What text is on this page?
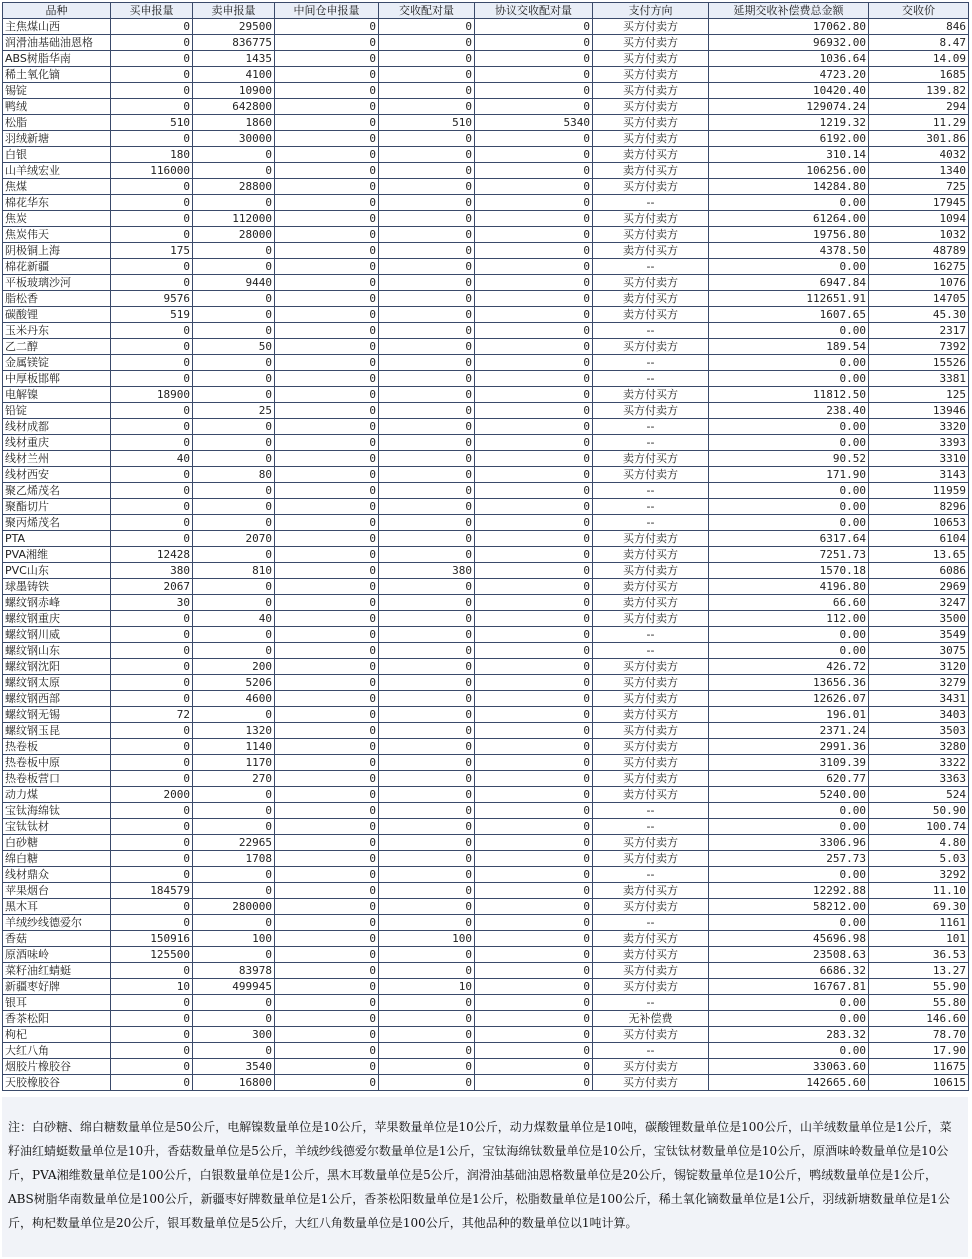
品种	买申报量	卖申报量	中间仓申报量	交收配对量	协议交收配对量	支付方向	延期交收补偿费总金额	交收价
主焦煤山西	0	29500	0	0	0	买方付卖方	17062.80	846
润滑油基础油恩格	0	836775	0	0	0	买方付卖方	96932.00	8.47
ABS树脂华南	0	1435	0	0	0	买方付卖方	1036.64	14.09
稀土氧化镝	0	4100	0	0	0	买方付卖方	4723.20	1685
锡锭	0	10900	0	0	0	买方付卖方	10420.40	139.82
鸭绒	0	642800	0	0	0	买方付卖方	129074.24	294
松脂	510	1860	0	510	5340	买方付卖方	1219.32	11.29
羽绒新塘	0	30000	0	0	0	买方付卖方	6192.00	301.86
白银	180	0	0	0	0	卖方付买方	310.14	4032
山羊绒宏业	116000	0	0	0	0	卖方付买方	106256.00	1340
焦煤	0	28800	0	0	0	买方付卖方	14284.80	725
棉花华东	0	0	0	0	0	--	0.00	17945
焦炭	0	112000	0	0	0	买方付卖方	61264.00	1094
焦炭伟天	0	28000	0	0	0	买方付卖方	19756.80	1032
阴极铜上海	175	0	0	0	0	卖方付买方	4378.50	48789
棉花新疆	0	0	0	0	0	--	0.00	16275
平板玻璃沙河	0	9440	0	0	0	买方付卖方	6947.84	1076
脂松香	9576	0	0	0	0	卖方付买方	112651.91	14705
碳酸锂	519	0	0	0	0	卖方付买方	1607.65	45.30
玉米丹东	0	0	0	0	0	--	0.00	2317
乙二醇	0	50	0	0	0	买方付卖方	189.54	7392
金属镁锭	0	0	0	0	0	--	0.00	15526
中厚板邯郸	0	0	0	0	0	--	0.00	3381
电解镍	18900	0	0	0	0	卖方付买方	11812.50	125
铅锭	0	25	0	0	0	买方付卖方	238.40	13946
线材成都	0	0	0	0	0	--	0.00	3320
线材重庆	0	0	0	0	0	--	0.00	3393
线材兰州	40	0	0	0	0	卖方付买方	90.52	3310
线材西安	0	80	0	0	0	买方付卖方	171.90	3143
聚乙烯茂名	0	0	0	0	0	--	0.00	11959
聚酯切片	0	0	0	0	0	--	0.00	8296
聚丙烯茂名	0	0	0	0	0	--	0.00	10653
PTA	0	2070	0	0	0	买方付卖方	6317.64	6104
PVA湘维	12428	0	0	0	0	卖方付买方	7251.73	13.65
PVC山东	380	810	0	380	0	买方付卖方	1570.18	6086
球墨铸铁	2067	0	0	0	0	卖方付买方	4196.80	2969
螺纹钢赤峰	30	0	0	0	0	卖方付买方	66.60	3247
螺纹钢重庆	0	40	0	0	0	买方付卖方	112.00	3500
螺纹钢川威	0	0	0	0	0	--	0.00	3549
螺纹钢山东	0	0	0	0	0	--	0.00	3075
螺纹钢沈阳	0	200	0	0	0	买方付卖方	426.72	3120
螺纹钢太原	0	5206	0	0	0	买方付卖方	13656.36	3279
螺纹钢西部	0	4600	0	0	0	买方付卖方	12626.07	3431
螺纹钢无锡	72	0	0	0	0	卖方付买方	196.01	3403
螺纹钢玉昆	0	1320	0	0	0	买方付卖方	2371.24	3503
热卷板	0	1140	0	0	0	买方付卖方	2991.36	3280
热卷板中原	0	1170	0	0	0	买方付卖方	3109.39	3322
热卷板营口	0	270	0	0	0	买方付卖方	620.77	3363
动力煤	2000	0	0	0	0	卖方付买方	5240.00	524
宝钛海绵钛	0	0	0	0	0	--	0.00	50.90
宝钛钛材	0	0	0	0	0	--	0.00	100.74
白砂糖	0	22965	0	0	0	买方付卖方	3306.96	4.80
绵白糖	0	1708	0	0	0	买方付卖方	257.73	5.03
线材鼎众	0	0	0	0	0	--	0.00	3292
苹果烟台	184579	0	0	0	0	卖方付买方	12292.88	11.10
黑木耳	0	280000	0	0	0	买方付卖方	58212.00	69.30
羊绒纱线德爱尔	0	0	0	0	0	--	0.00	1161
香菇	150916	100	0	100	0	卖方付买方	45696.98	101
原酒味岭	125500	0	0	0	0	卖方付买方	23508.63	36.53
菜籽油红蜻蜓	0	83978	0	0	0	买方付卖方	6686.32	13.27
新疆枣好牌	10	499945	0	10	0	买方付卖方	16767.81	55.90
银耳	0	0	0	0	0	--	0.00	55.80
香茶松阳	0	0	0	0	0	无补偿费	0.00	146.60
枸杞	0	300	0	0	0	买方付卖方	283.32	78.70
大红八角	0	0	0	0	0	--	0.00	17.90
烟胶片橡胶谷	0	3540	0	0	0	买方付卖方	33063.60	11675
天胶橡胶谷	0	16800	0	0	0	买方付卖方	142665.60	10615
注：白砂糖、绵白糖数量单位是50公斤，电解镍数量单位是10公斤，苹果数量单位是10公斤，动力煤数量单位是10吨，碳酸锂数量单位是100公斤，山羊绒数量单位是1公斤，菜籽油红蜻蜓数量单位是10升，香菇数量单位是5公斤，羊绒纱线德爱尔数量单位是1公斤，宝钛海绵钛数量单位是10公斤，宝钛钛材数量单位是10公斤，原酒味岭数量单位是10公斤，PVA湘维数量单位是100公斤，白银数量单位是1公斤，黑木耳数量单位是5公斤，润滑油基础油恩格数量单位是20公斤，锡锭数量单位是10公斤，鸭绒数量单位是1公斤，ABS树脂华南数量单位是100公斤，新疆枣好牌数量单位是1公斤，香茶松阳数量单位是1公斤，松脂数量单位是100公斤，稀土氧化镝数量单位是1公斤，羽绒新塘数量单位是1公斤，枸杞数量单位是20公斤，银耳数量单位是5公斤，大红八角数量单位是100公斤，其他品种的数量单位以1吨计算。
